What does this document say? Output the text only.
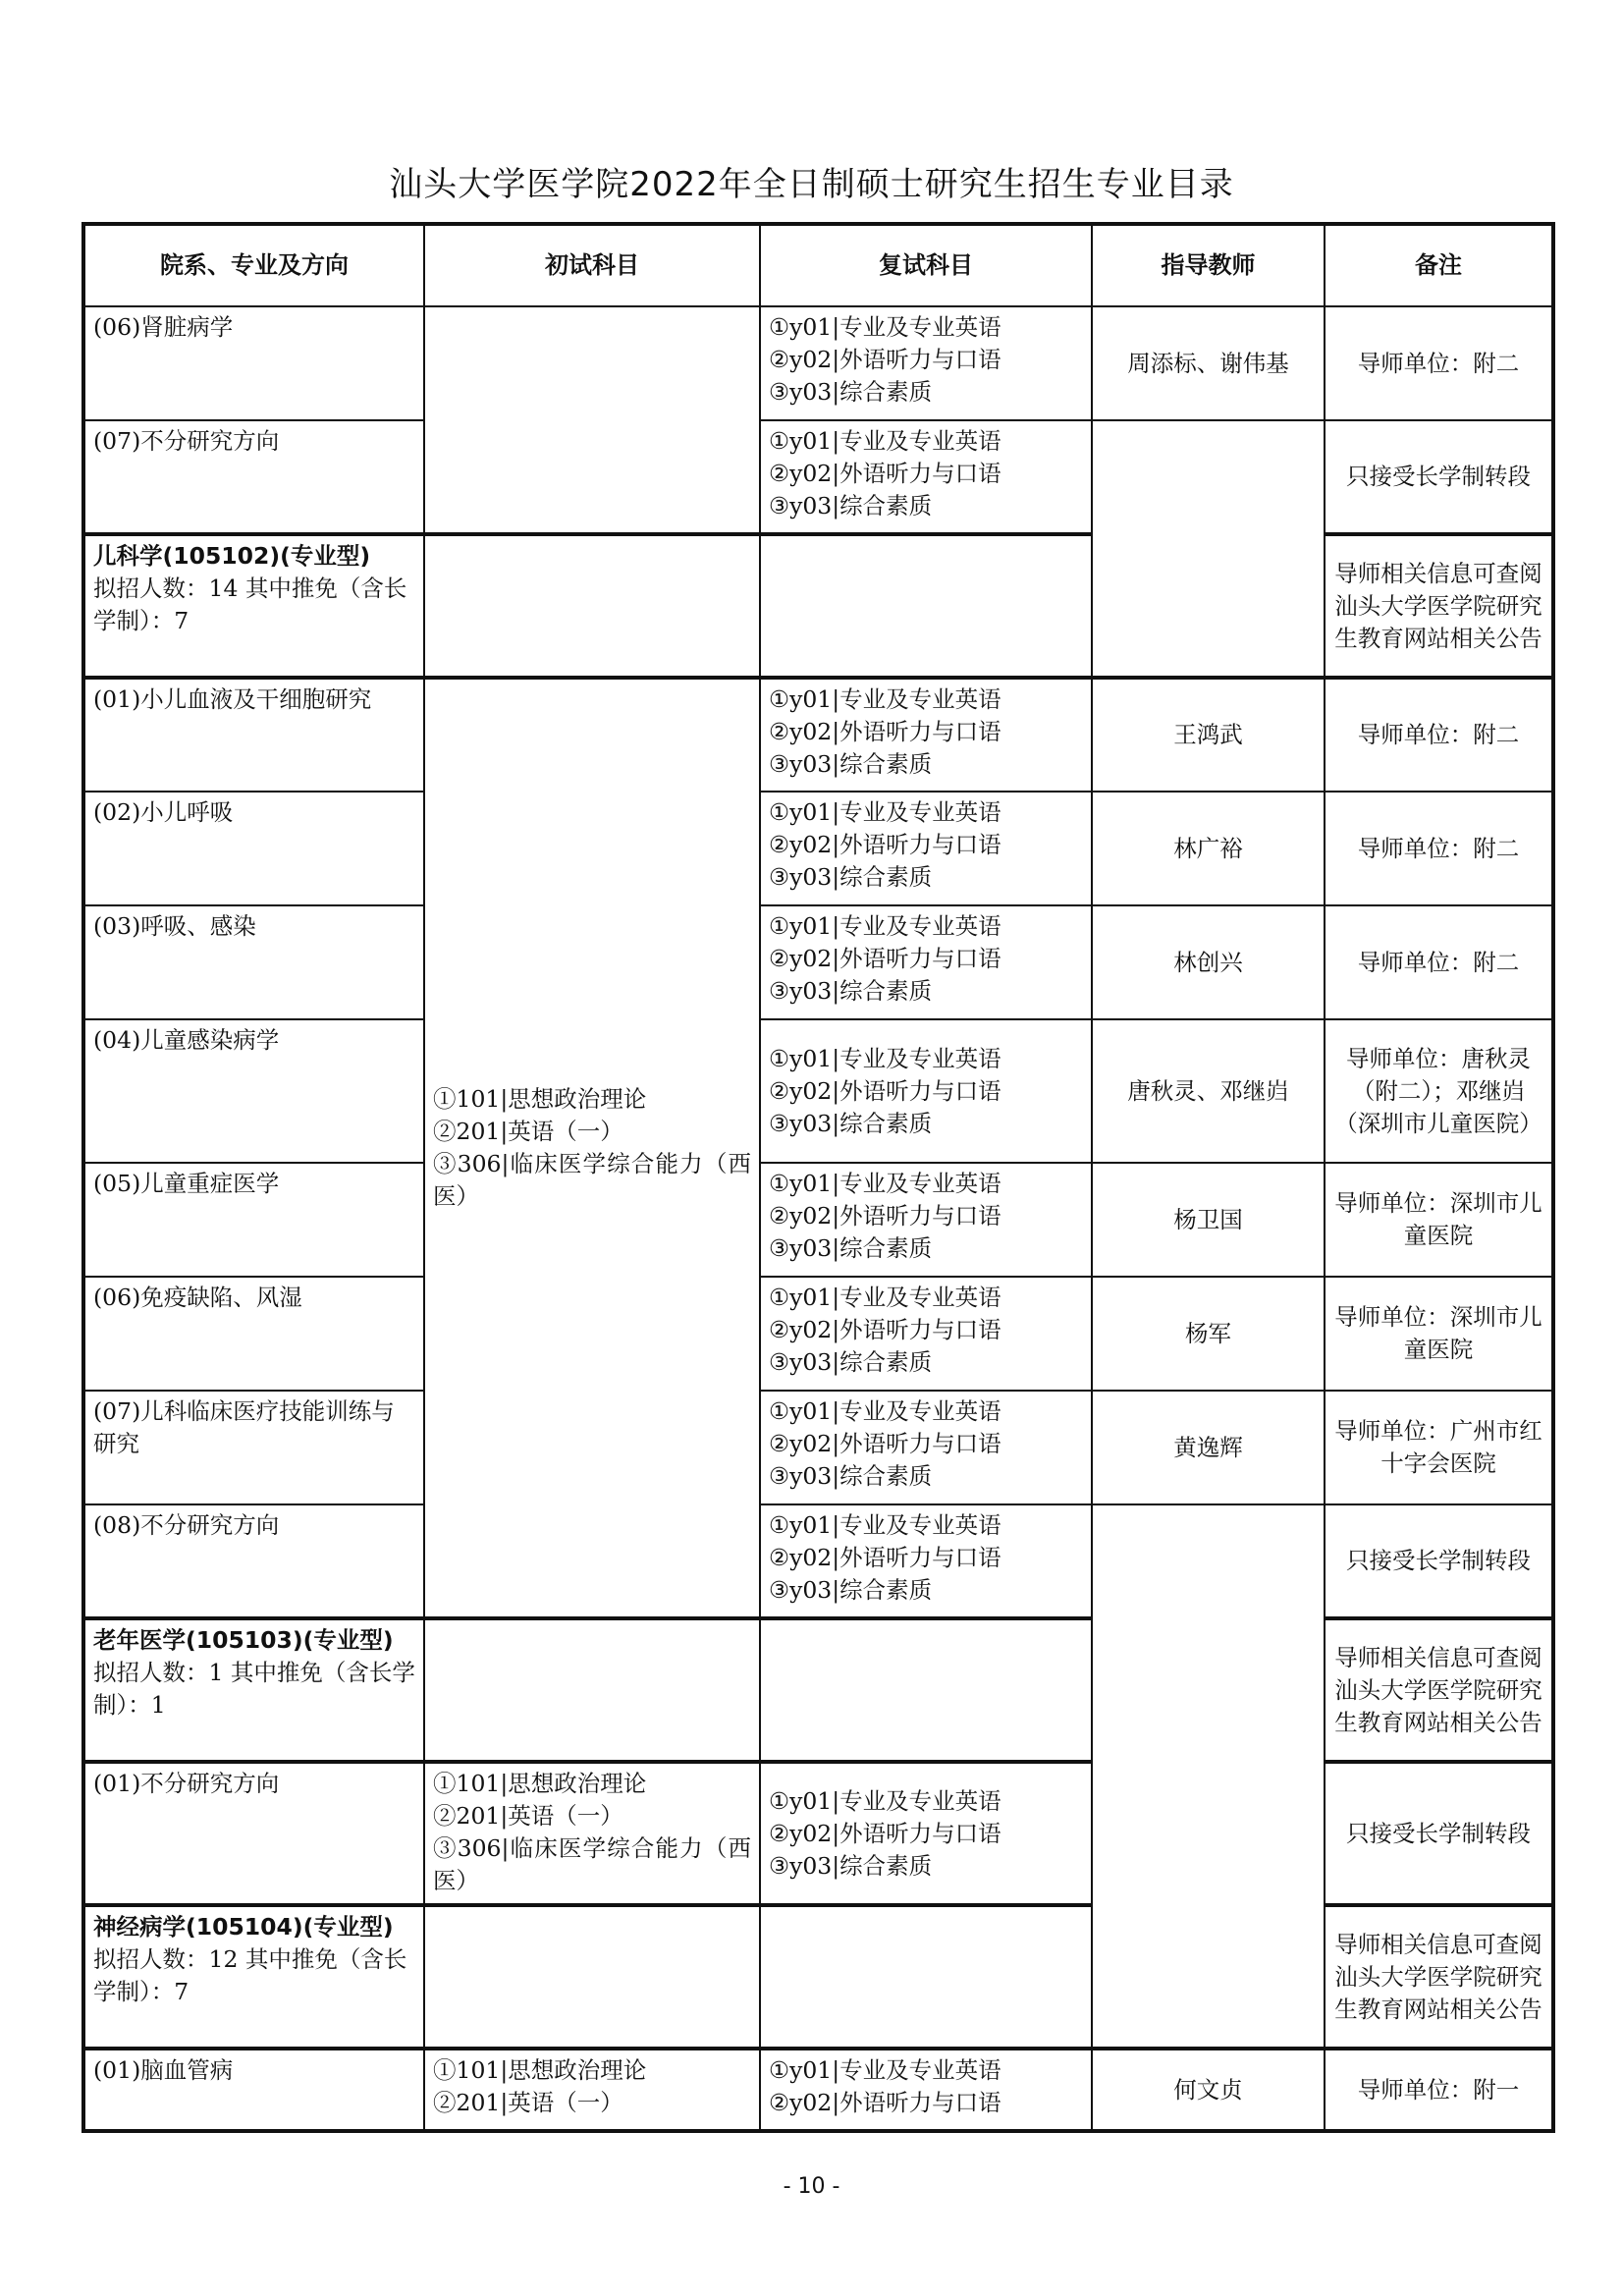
汕头大学医学院2022年全日制硕士研究生招生专业目录
院系、专业及方向	初试科目	复试科目	指导教师	备注
(06)肾脏病学		①y01|专业及专业英语
②y02|外语听力与口语
③y03|综合素质	周添标、谢伟基	导师单位：附二
(07)不分研究方向		①y01|专业及专业英语
②y02|外语听力与口语
③y03|综合素质		只接受长学制转段

儿科学(105102)(专业型)
拟招人数：14 其中推免（含长学制）：7				导师相关信息可查阅汕头大学医学院研究生教育网站相关公告
(01)小儿血液及干细胞研究	①101|思想政治理论
②201|英语（一）
③306|临床医学综合能力（西医）	①y01|专业及专业英语
②y02|外语听力与口语
③y03|综合素质	王鸿武	导师单位：附二
(02)小儿呼吸		①y01|专业及专业英语
②y02|外语听力与口语
③y03|综合素质	林广裕	导师单位：附二
(03)呼吸、感染		①y01|专业及专业英语
②y02|外语听力与口语
③y03|综合素质	林创兴	导师单位：附二
(04)儿童感染病学		①y01|专业及专业英语
②y02|外语听力与口语
③y03|综合素质	唐秋灵、邓继岿	导师单位：唐秋灵（附二）；邓继岿（深圳市儿童医院）
(05)儿童重症医学		①y01|专业及专业英语
②y02|外语听力与口语
③y03|综合素质	杨卫国	导师单位：深圳市儿童医院
(06)免疫缺陷、风湿		①y01|专业及专业英语
②y02|外语听力与口语
③y03|综合素质	杨军	导师单位：深圳市儿童医院
(07)儿科临床医疗技能训练与研究		①y01|专业及专业英语
②y02|外语听力与口语
③y03|综合素质	黄逸辉	导师单位：广州市红十字会医院
(08)不分研究方向		①y01|专业及专业英语
②y02|外语听力与口语
③y03|综合素质		只接受长学制转段

老年医学(105103)(专业型)
拟招人数：1 其中推免（含长学制）：1				导师相关信息可查阅汕头大学医学院研究生教育网站相关公告
(01)不分研究方向	①101|思想政治理论
②201|英语（一）
③306|临床医学综合能力（西医）	①y01|专业及专业英语
②y02|外语听力与口语
③y03|综合素质		只接受长学制转段

神经病学(105104)(专业型)
拟招人数：12 其中推免（含长学制）：7				导师相关信息可查阅汕头大学医学院研究生教育网站相关公告
(01)脑血管病	①101|思想政治理论
②201|英语（一）	①y01|专业及专业英语
②y02|外语听力与口语	何文贞	导师单位：附一
- 10 -
